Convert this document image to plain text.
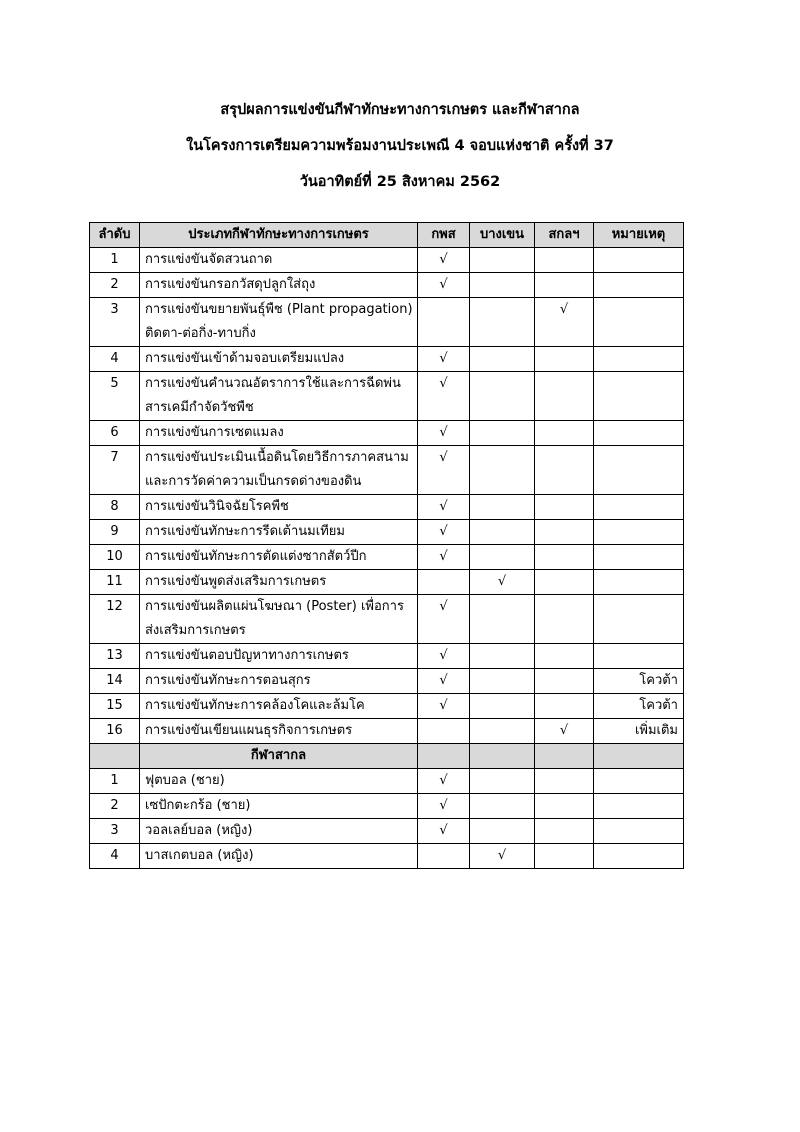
สรุปผลการแข่งขันกีฬาทักษะทางการเกษตร และกีฬาสากล
ในโครงการเตรียมความพร้อมงานประเพณี 4 จอบแห่งชาติ ครั้งที่ 37
วันอาทิตย์ที่ 25 สิงหาคม 2562
ลำดับ	ประเภทกีฬาทักษะทางการเกษตร	กพส	บางเขน	สกลฯ	หมายเหตุ
1	การแข่งขันจัดสวนถาด	√			
2	การแข่งขันกรอกวัสดุปลูกใส่ถุง	√			
3	การแข่งขันขยายพันธุ์พืช (Plant propagation)
ติดตา-ต่อกิ่ง-ทาบกิ่ง			√	
4	การแข่งขันเข้าด้ามจอบเตรียมแปลง	√			
5	การแข่งขันคำนวณอัตราการใช้และการฉีดพ่น
สารเคมีกำจัดวัชพืช	√			
6	การแข่งขันการเซตแมลง	√			
7	การแข่งขันประเมินเนื้อดินโดยวิธีการภาคสนาม
และการวัดค่าความเป็นกรดด่างของดิน	√			
8	การแข่งขันวินิจฉัยโรคพืช	√			
9	การแข่งขันทักษะการรีดเต้านมเทียม	√			
10	การแข่งขันทักษะการตัดแต่งซากสัตว์ปีก	√			
11	การแข่งขันพูดส่งเสริมการเกษตร		√		
12	การแข่งขันผลิตแผ่นโฆษณา (Poster) เพื่อการ
ส่งเสริมการเกษตร	√			
13	การแข่งขันตอบปัญหาทางการเกษตร	√			
14	การแข่งขันทักษะการตอนสุกร	√			โควต้า
15	การแข่งขันทักษะการคล้องโคและล้มโค	√			โควต้า
16	การแข่งขันเขียนแผนธุรกิจการเกษตร			√	เพิ่มเติม
	กีฬาสากล				
1	ฟุตบอล (ชาย)	√			
2	เซปักตะกร้อ (ชาย)	√			
3	วอลเลย์บอล (หญิง)	√			
4	บาสเกตบอล (หญิง)		√		
